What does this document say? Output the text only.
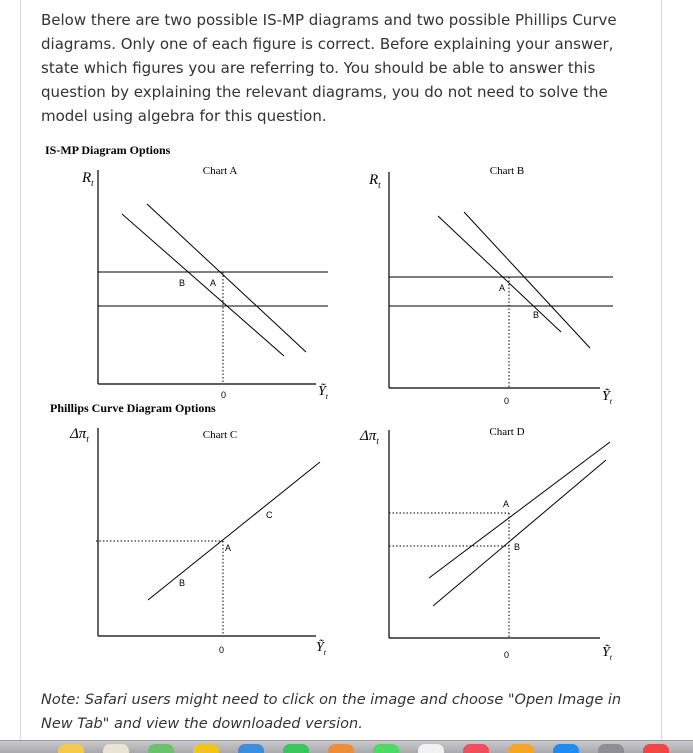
Below there are two possible IS-MP diagrams and two possible Phillips Curve diagrams. Only one of each figure is correct. Before explaining your answer, state which figures you are referring to. You should be able to answer this question by explaining the relevant diagrams, you do not need to solve the model using algebra for this question.

IS-MP Diagram Options
Phillips Curve Diagram Options
Chart A
$R_t$
B	A
0	Ỹ$_t$
Chart B
$R_t$
A
B
0	Ỹ$_t$
Chart C
$\Delta\pi_t$
A
B
C
0	Ỹ$_t$
Chart D
$\Delta\pi_t$
A
B
0	Ỹ$_t$

Note: Safari users might need to click on the image and choose "Open Image in New Tab" and view the downloaded version.
